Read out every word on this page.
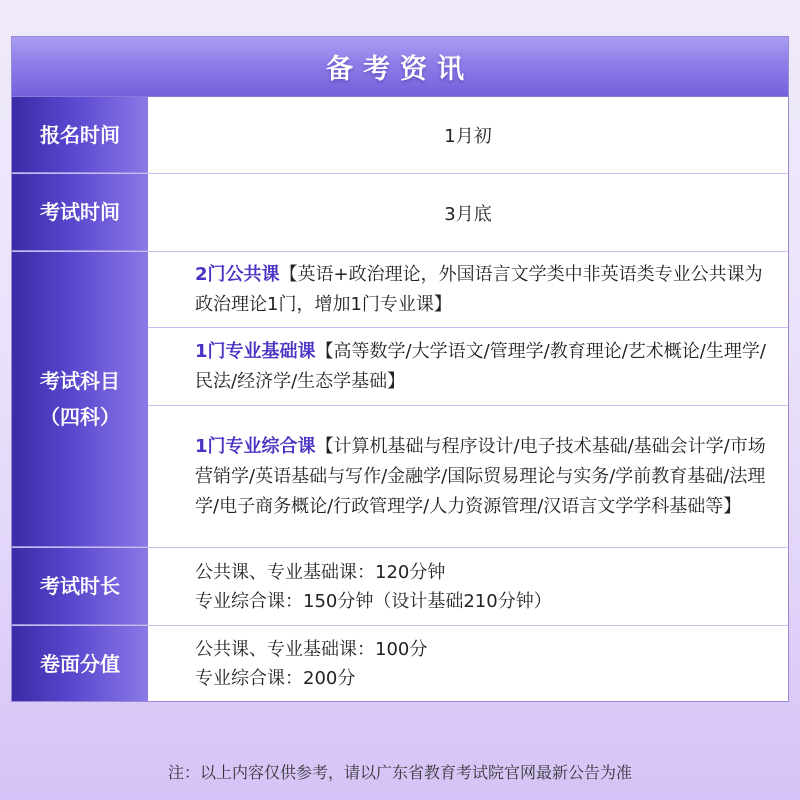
备考资讯
报名时间	1月初
考试时间	3月底
考试科目
（四科）
2门公共课【英语+政治理论，外国语言文学类中非英语类专业公共课为政治理论1门，增加1门专业课】
1门专业基础课【高等数学/大学语文/管理学/教育理论/艺术概论/生理学/民法/经济学/生态学基础】
1门专业综合课【计算机基础与程序设计/电子技术基础/基础会计学/市场营销学/英语基础与写作/金融学/国际贸易理论与实务/学前教育基础/法理学/电子商务概论/行政管理学/人力资源管理/汉语言文学学科基础等】
考试时长
公共课、专业基础课：120分钟
专业综合课：150分钟（设计基础210分钟）
卷面分值
公共课、专业基础课：100分
专业综合课：200分
注：以上内容仅供参考，请以广东省教育考试院官网最新公告为准
